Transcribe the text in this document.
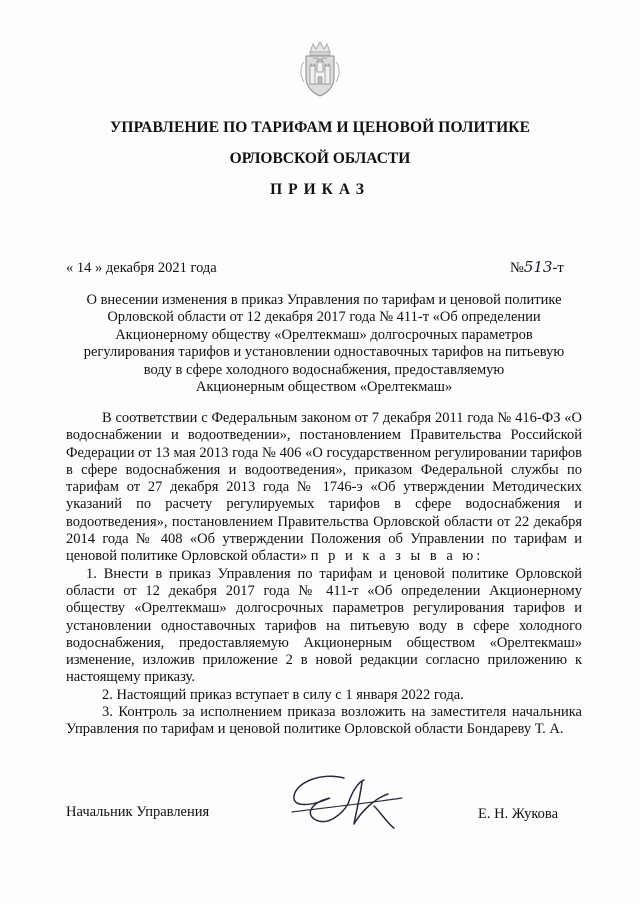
УПРАВЛЕНИЕ ПО ТАРИФАМ И ЦЕНОВОЙ ПОЛИТИКЕ
ОРЛОВСКОЙ ОБЛАСТИ
ПРИКАЗ
« 14 » декабря 2021 года	№513-т
О внесении изменения в приказ Управления по тарифам и ценовой политике
Орловской области от 12 декабря 2017 года № 411-т «Об определении
Акционерному обществу «Орелтекмаш» долгосрочных параметров
регулирования тарифов и установлении одноставочных тарифов на питьевую
воду в сфере холодного водоснабжения, предоставляемую
Акционерным обществом «Орелтекмаш»

В соответствии с Федеральным законом от 7 декабря 2011 года № 416-ФЗ «О водоснабжении и водоотведении», постановлением Правительства Российской Федерации от 13 мая 2013 года № 406 «О государственном регулировании тарифов в сфере водоснабжения и водоотведения», приказом Федеральной службы по тарифам от 27 декабря 2013 года № 1746-э «Об утверждении Методических указаний по расчету регулируемых тарифов в сфере водоснабжения и водоотведения», постановлением Правительства Орловской области от 22 декабря 2014 года № 408 «Об утверждении Положения об Управлении по тарифам и ценовой политике Орловской области» п р и к а з ы в а ю:

1. Внести в приказ Управления по тарифам и ценовой политике Орловской области от 12 декабря 2017 года № 411-т «Об определении Акционерному обществу «Орелтекмаш» долгосрочных параметров регулирования тарифов и установлении одноставочных тарифов на питьевую воду в сфере холодного водоснабжения, предоставляемую Акционерным обществом «Орелтекмаш» изменение, изложив приложение 2 в новой редакции согласно приложению к настоящему приказу.

2. Настоящий приказ вступает в силу с 1 января 2022 года.

3. Контроль за исполнением приказа возложить на заместителя начальника Управления по тарифам и ценовой политике Орловской области Бондареву Т. А.

Начальник Управления	Е. Н. Жукова
